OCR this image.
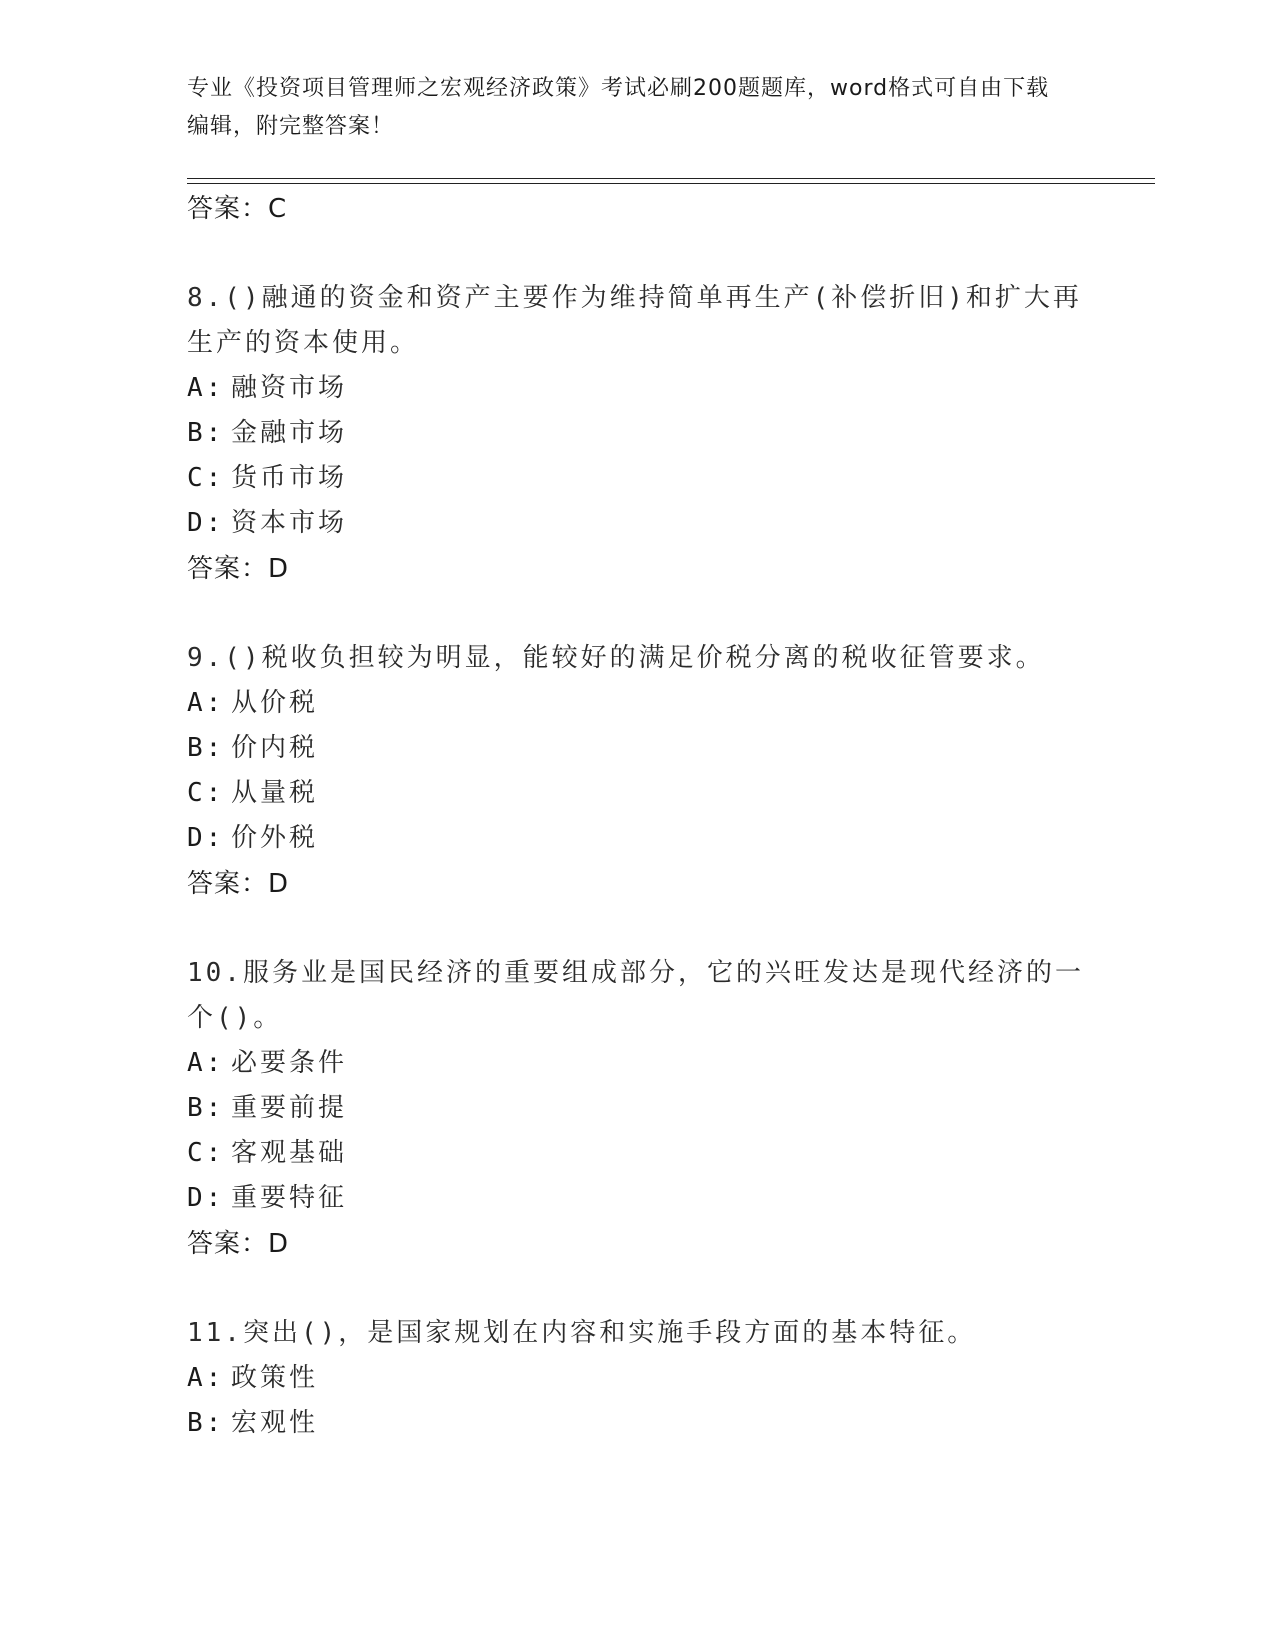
专业《投资项目管理师之宏观经济政策》考试必刷200题题库，word格式可自由下载编辑，附完整答案！
答案：C
8.()融通的资金和资产主要作为维持简单再生产(补偿折旧)和扩大再生产的资本使用。
A: 融资市场
B: 金融市场
C: 货币市场
D: 资本市场
答案：D
9.()税收负担较为明显，能较好的满足价税分离的税收征管要求。
A: 从价税
B: 价内税
C: 从量税
D: 价外税
答案：D
10.服务业是国民经济的重要组成部分，它的兴旺发达是现代经济的一个()。
A: 必要条件
B: 重要前提
C: 客观基础
D: 重要特征
答案：D
11.突出()，是国家规划在内容和实施手段方面的基本特征。
A: 政策性
B: 宏观性
